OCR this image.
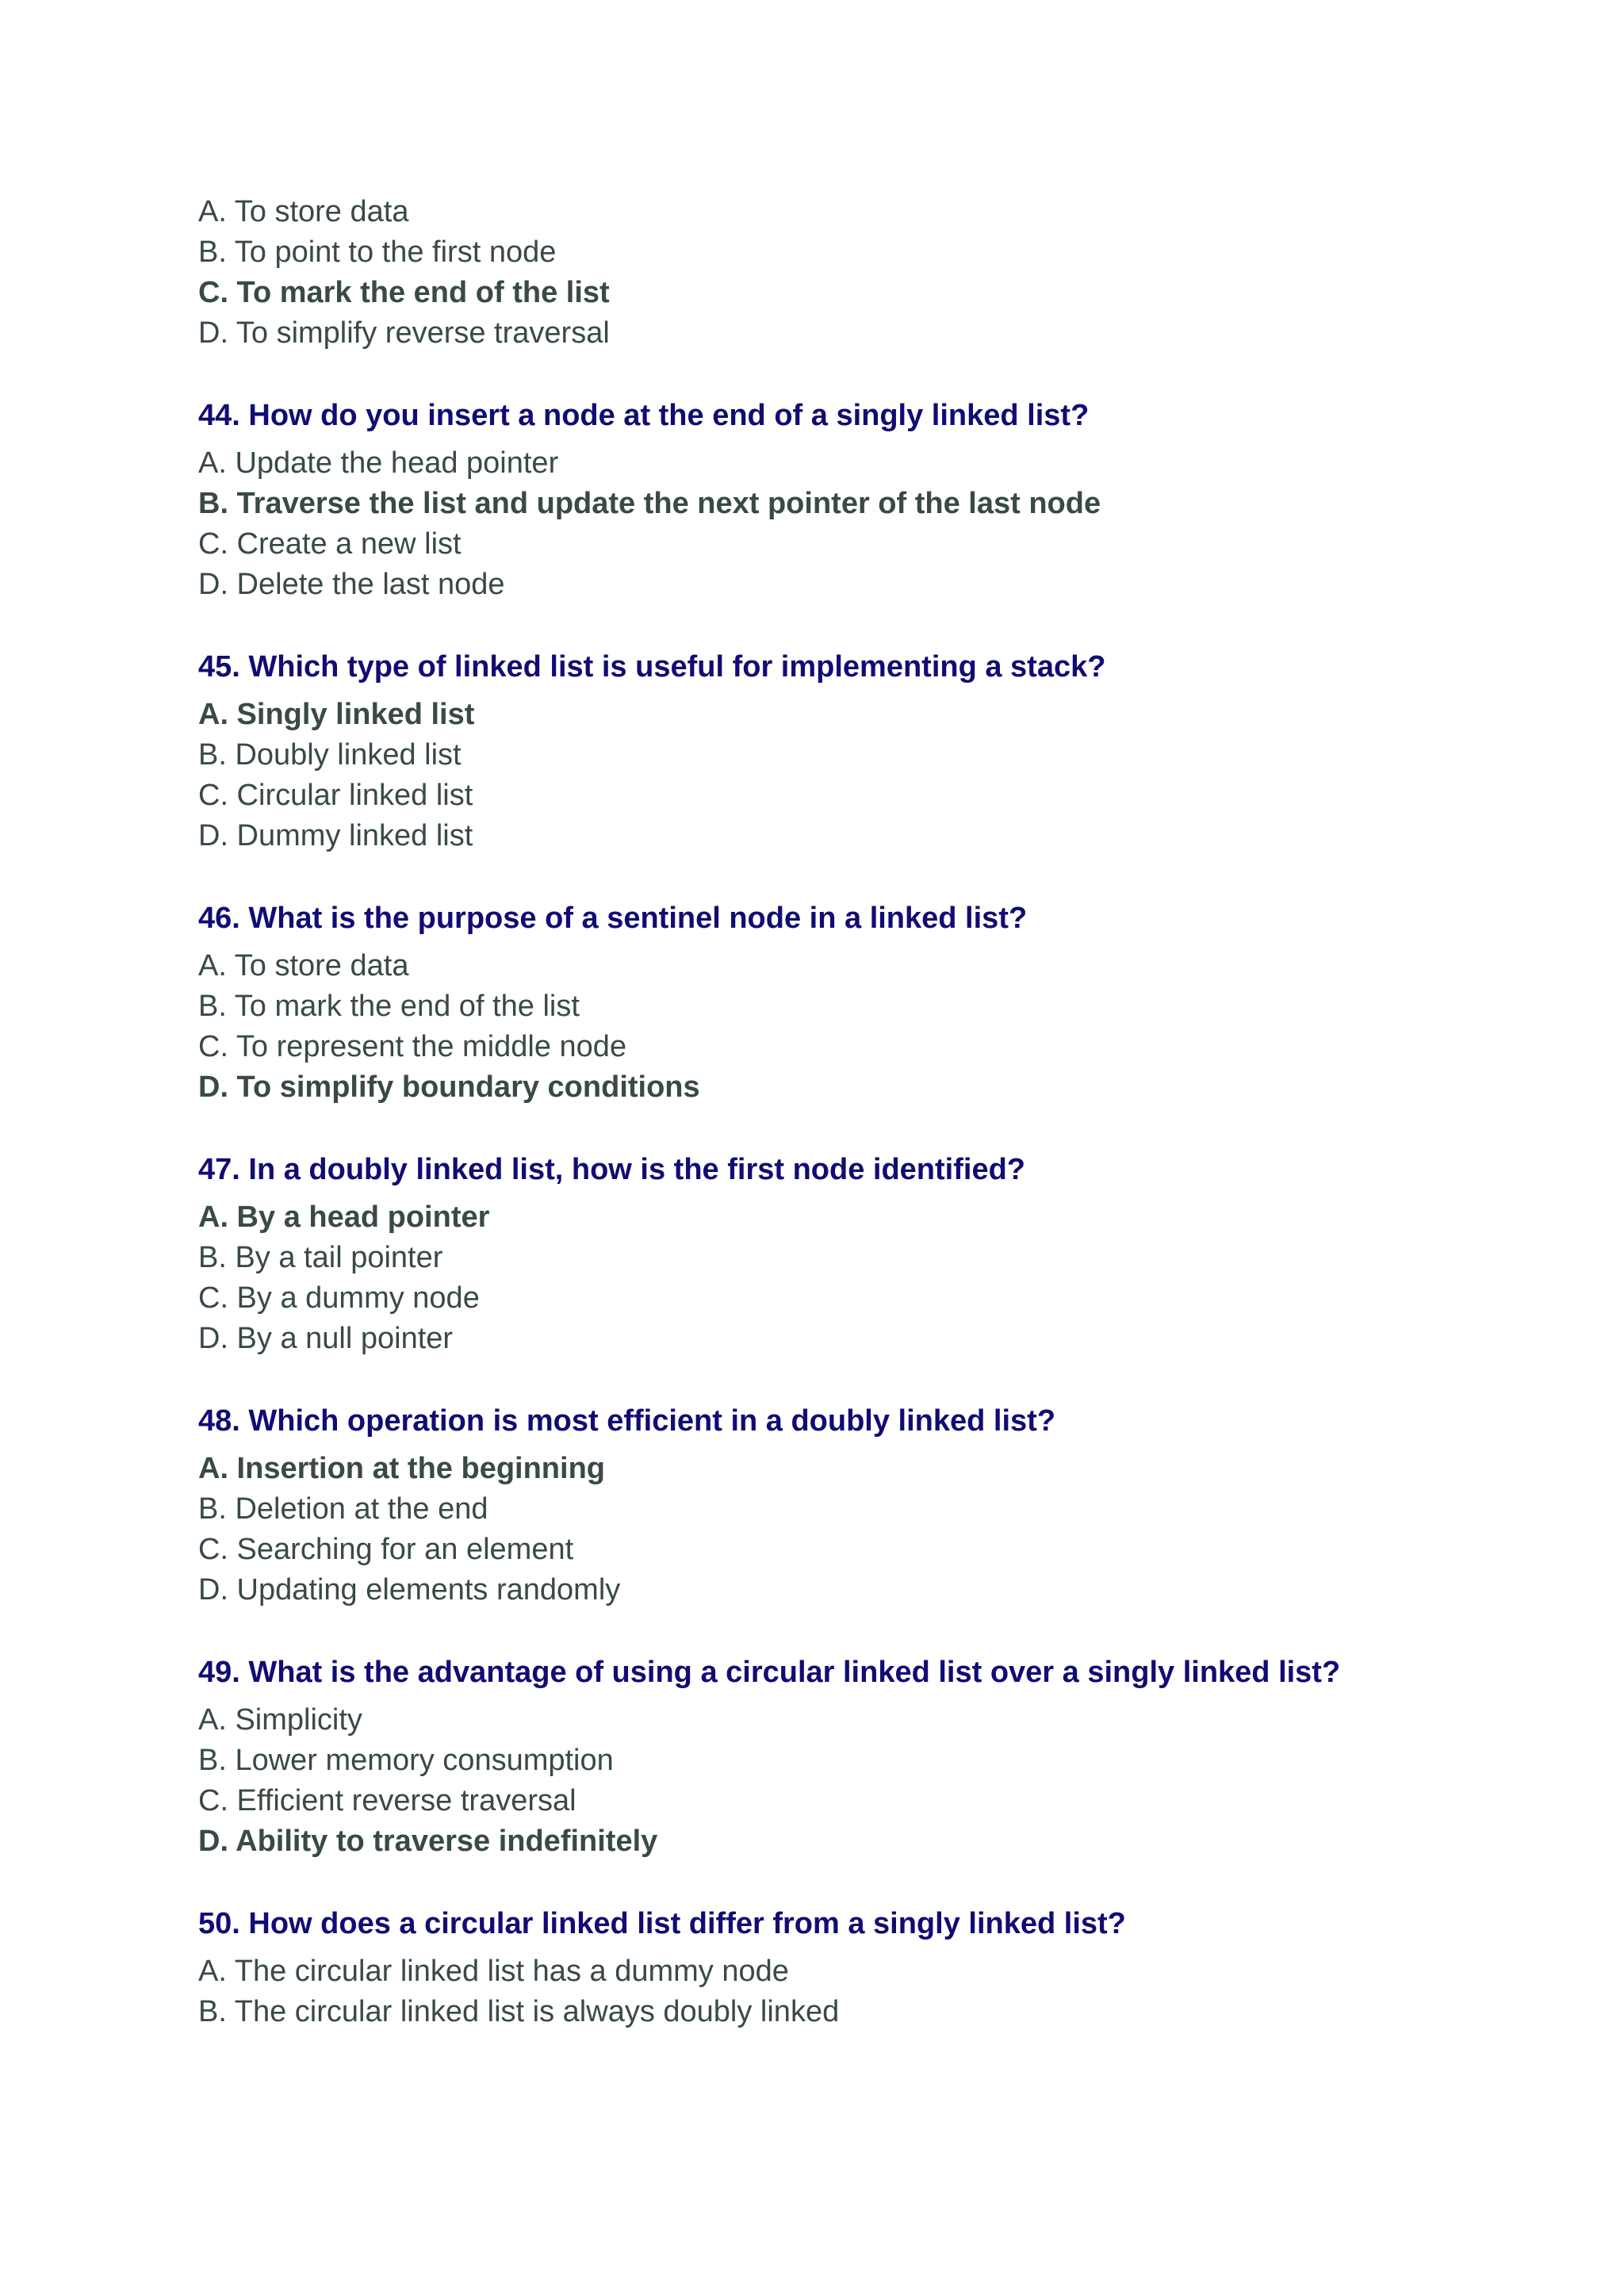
A. To store data
B. To point to the first node
C. To mark the end of the list
D. To simplify reverse traversal
44. How do you insert a node at the end of a singly linked list?
A. Update the head pointer
B. Traverse the list and update the next pointer of the last node
C. Create a new list
D. Delete the last node
45. Which type of linked list is useful for implementing a stack?
A. Singly linked list
B. Doubly linked list
C. Circular linked list
D. Dummy linked list
46. What is the purpose of a sentinel node in a linked list?
A. To store data
B. To mark the end of the list
C. To represent the middle node
D. To simplify boundary conditions
47. In a doubly linked list, how is the first node identified?
A. By a head pointer
B. By a tail pointer
C. By a dummy node
D. By a null pointer
48. Which operation is most efficient in a doubly linked list?
A. Insertion at the beginning
B. Deletion at the end
C. Searching for an element
D. Updating elements randomly
49. What is the advantage of using a circular linked list over a singly linked list?
A. Simplicity
B. Lower memory consumption
C. Efficient reverse traversal
D. Ability to traverse indefinitely
50. How does a circular linked list differ from a singly linked list?
A. The circular linked list has a dummy node
B. The circular linked list is always doubly linked
